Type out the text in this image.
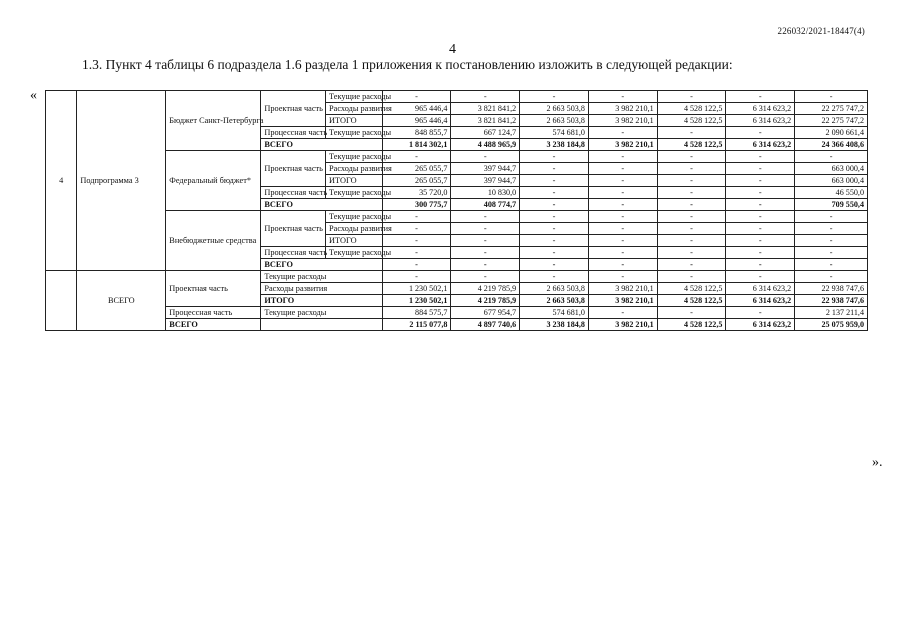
226032/2021-18447(4)
4
1.3. Пункт 4 таблицы 6 подраздела 1.6 раздела 1 приложения к постановлению изложить в следующей редакции:
«
».
4	Подпрограмма 3	Бюджет Санкт-Петербурга	Проектная часть	Текущие расходы	-	-	-	-	-	-	-
				Расходы развития	965 446,4	3 821 841,2	2 663 503,8	3 982 210,1	4 528 122,5	6 314 623,2	22 275 747,2
				ИТОГО	965 446,4	3 821 841,2	2 663 503,8	3 982 210,1	4 528 122,5	6 314 623,2	22 275 747,2
			Процессная часть	Текущие расходы	848 855,7	667 124,7	574 681,0	-	-	-	2 090 661,4
			ВСЕГО		1 814 302,1	4 488 965,9	3 238 184,8	3 982 210,1	4 528 122,5	6 314 623,2	24 366 408,6
		Федеральный бюджет*	Проектная часть	Текущие расходы	-	-	-	-	-	-	-
				Расходы развития	265 055,7	397 944,7	-	-	-	-	663 000,4
				ИТОГО	265 055,7	397 944,7	-	-	-	-	663 000,4
			Процессная часть	Текущие расходы	35 720,0	10 830,0	-	-	-	-	46 550,0
			ВСЕГО		300 775,7	408 774,7	-	-	-	-	709 550,4
		Внебюджетные средства	Проектная часть	Текущие расходы	-	-	-	-	-	-	-
				Расходы развития	-	-	-	-	-	-	-
				ИТОГО	-	-	-	-	-	-	-
			Процессная часть	Текущие расходы	-	-	-	-	-	-	-
			ВСЕГО		-	-	-	-	-	-	-
	ВСЕГО	Проектная часть	Текущие расходы		-	-	-	-	-	-	-
			Расходы развития		1 230 502,1	4 219 785,9	2 663 503,8	3 982 210,1	4 528 122,5	6 314 623,2	22 938 747,6
			ИТОГО		1 230 502,1	4 219 785,9	2 663 503,8	3 982 210,1	4 528 122,5	6 314 623,2	22 938 747,6
		Процессная часть	Текущие расходы		884 575,7	677 954,7	574 681,0	-	-	-	2 137 211,4
		ВСЕГО			2 115 077,8	4 897 740,6	3 238 184,8	3 982 210,1	4 528 122,5	6 314 623,2	25 075 959,0
